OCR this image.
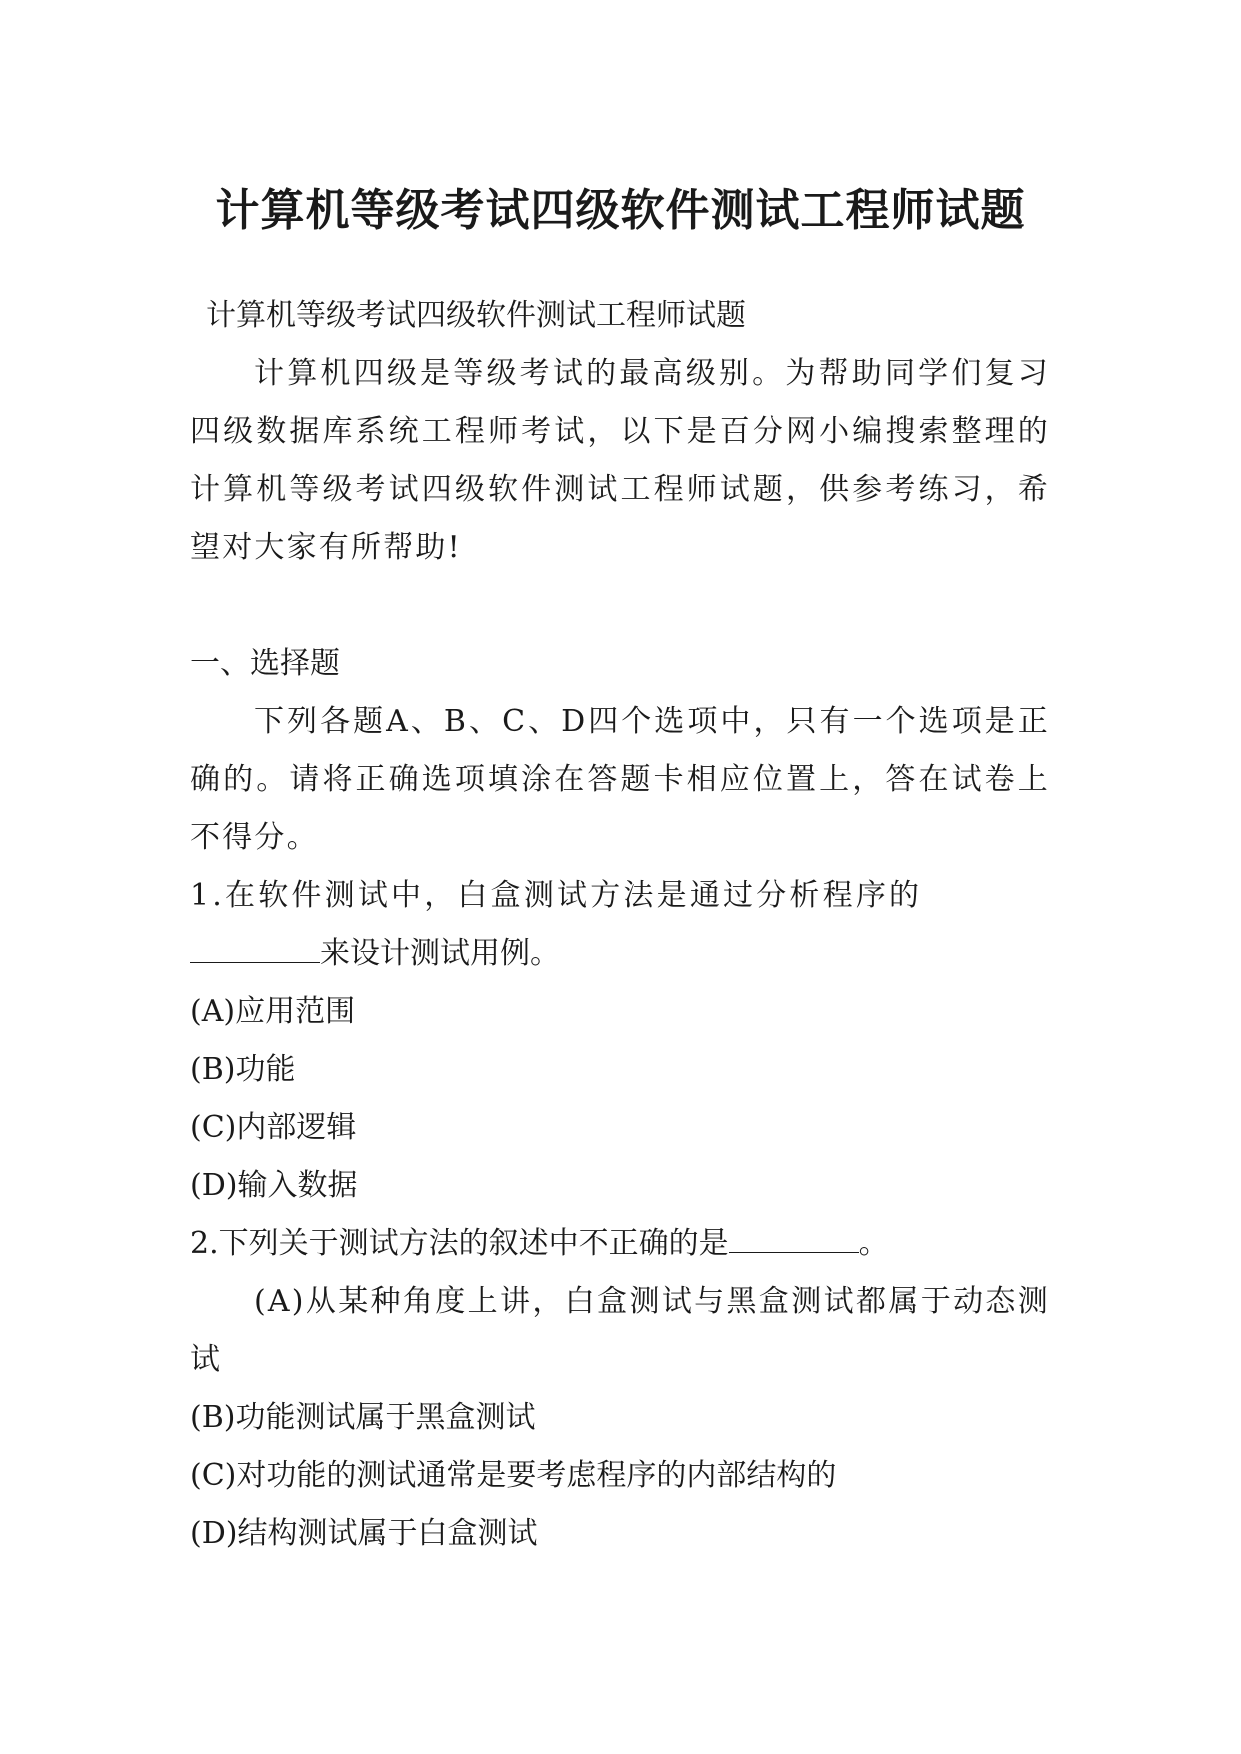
计算机等级考试四级软件测试工程师试题

计算机等级考试四级软件测试工程师试题

计算机四级是等级考试的最高级别。为帮助同学们复习四级数据库系统工程师考试，以下是百分网小编搜索整理的计算机等级考试四级软件测试工程师试题，供参考练习，希望对大家有所帮助!

一、选择题

下列各题A、B、C、D四个选项中，只有一个选项是正确的。请将正确选项填涂在答题卡相应位置上，答在试卷上不得分。

1.在软件测试中，白盒测试方法是通过分析程序的

来设计测试用例。

(A)应用范围

(B)功能

(C)内部逻辑

(D)输入数据

2.下列关于测试方法的叙述中不正确的是	。

(A)从某种角度上讲，白盒测试与黑盒测试都属于动态测试

(B)功能测试属于黑盒测试

(C)对功能的测试通常是要考虑程序的内部结构的

(D)结构测试属于白盒测试
